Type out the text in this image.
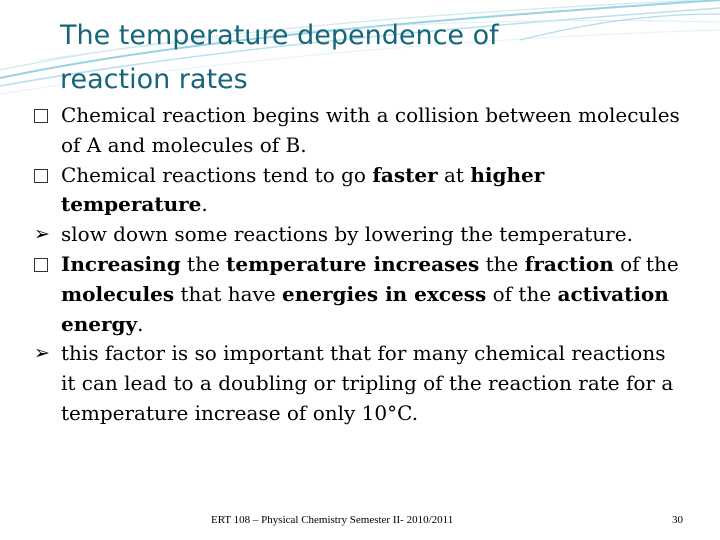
The temperature dependence of
reaction rates

Chemical reaction begins with a collision between molecules of A and molecules of B.

Chemical reactions tend to go faster at higher temperature.

➢ slow down some reactions by lowering the temperature.

Increasing the temperature increases the fraction of the molecules that have energies in excess of the activation energy.

➢ this factor is so important that for many chemical reactions it can lead to a doubling or tripling of the reaction rate for a temperature increase of only 10°C.

ERT 108 – Physical Chemistry Semester II- 2010/2011	30
